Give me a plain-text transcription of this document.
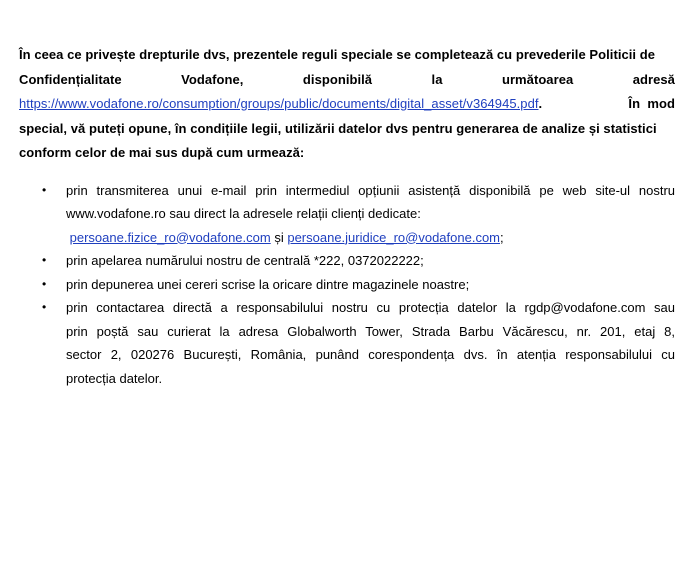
În ceea ce privește drepturile dvs, prezentele reguli speciale se completează cu prevederile Politicii de
Confidențialitate	Vodafone,	disponibilă	la	următoarea	adresă
https://www.vodafone.ro/consumption/groups/public/documents/digital_asset/v364945.pdf.	În  mod
special, vă puteți opune, în condițiile legii, utilizării datelor dvs pentru generarea de analize și statistici
conform celor de mai sus după cum urmează:

• prin transmiterea unui e-mail prin intermediul opțiunii asistență disponibilă pe web site-ul nostru
www.vodafone.ro sau direct la adresele relații clienți dedicate:
persoane.fizice_ro@vodafone.com și persoane.juridice_ro@vodafone.com;
• prin apelarea numărului nostru de centrală *222, 0372022222;
• prin depunerea unei cereri scrise la oricare dintre magazinele noastre;
• prin contactarea directă a responsabilului nostru cu protecția datelor la rgdp@vodafone.com sau
prin poștă sau curierat la adresa Globalworth Tower, Strada Barbu Văcărescu, nr. 201, etaj 8,
sector 2, 020276 București, România, punând corespondența dvs. în atenția responsabilului cu
protecția datelor.
